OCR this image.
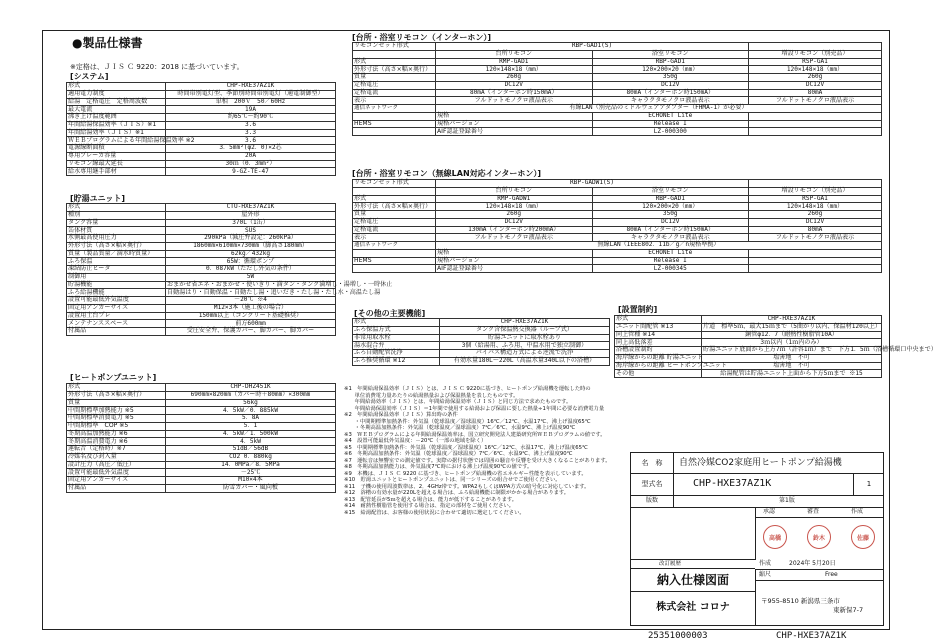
●製品仕様書
※定格は、ＪＩＳ Ｃ 9220：2018 に基づいています。
[システム]
形式	CHP-HXE37AZ1K
適用電力制度	時間帯別電灯型、季節別時間帯別電灯（通電制御型）
給湯　定格電圧　定格周波数	単相　200Ｖ　50／60Hz
最大電流	19A
沸き上げ温度範囲	約65℃～約90℃
年間給湯保温効率（ＪＩＳ）※1	3.6
年間給湯効率（ＪＩＳ）※1	3.3
ＷＥＢプログラムによる年間給湯保温効率 ※2	3.6
電源線断面積	3．5mm²(φ2．0)×2芯
専用ブレーカ容量	20A
リモコン線最大延長	30ｍ（0．3mm²）
給水専用継手部材	9-GZ-TE-47
[貯湯ユニット]
形式	CTU-HXE37AZ1K
種別	屋外形
タンク容量	370L（1缶）
缶体材質	SUS
水側最高使用圧力	290kPa（減圧弁設定：260kPa）
外形寸法（高さ×幅×奥行）	1860mm×610mm×730mm（脚高さ180mm）
質量（製品質量／満水時質量）	62kg／432kg
ふろ保温	65W：循環ポンプ
凍結防止ヒータ	0．087kW（ただし外気の条件）
制御用	5W
貯湯機能	おまかせ省エネ・おまかせ・使いきり・満タン・タンク満増し・湯増し・一時休止
ふろ給湯機能	自動湯はり・自動保温・自動たし湯・追いだき・たし湯・たし水・高温たし湯
設置可能最低外気温度	－20℃ ※4
固定用アンカーサイズ	M12×3本（施工後の場合）
設置用土台プレ	150mm以上（コンクリート基礎推奨）
メンテナンススペース	前方600mm
付属品	受圧安全弁、保護カバー、脚カバー、脚カバー
[ヒートポンプユニット]
形式	CHP-DHZ451K
外形寸法（高さ×幅×奥行）	690mm×820mm（カバー時＋80mm）×300mm
質量	56kg
中間期標準加熱能力 ※5	4．5kW／0．885kW
中間期標準消費電力 ※5	5．8A
中間期標準　COP ※5	5．1
冬期高温加熱能力 ※6	4．5kW／1．500kW
冬期高温消費電力 ※6	4．5kW
運転音（定格時）※7	51dB／56dB
冷媒名及び封入量	CO2 0．880kg
設計圧力（高圧／低圧）	14．0MPa／8．5MPa
設置可能最低外気温度	－25℃
固定用アンカーサイズ	M10×4本
付属品	防雪カバー・風向板
[台所・浴室リモコン（インターホン）]
リモコンセット形式	RBP-GAD1(S)		
	台所リモコン	浴室リモコン	増設リモコン（別売品）
形式	RMP-GAD1	RBP-GAD1	RSP-GA1
外形寸法（高さ×幅×奥行）	120×148×18（mm）	120×200×20（mm）	120×148×18（mm）
質量	260g	350g	260g
定格電圧	DC12V	DC12V	DC12V
定格電流	80mA（インターホン時150mA）	80mA（インターホン時150mA）	80mA
表示	フルドットモノクロ液晶表示	キャラクタモノクロ液晶表示	フルドットモノクロ液晶表示
通信ネットワーク	有線LAN（別売品のミドルウェアアダプター（FHMA-1）が必要）		
	規格	ECHONET Lite	
HEMS	規格バージョン	Release I	
	AIF認証登録番号	LZ-000300	
[台所・浴室リモコン（無線LAN対応インターホン）]
リモコンセット形式	RBP-GADW1(S)		
	台所リモコン	浴室リモコン	増設リモコン（別売品）
形式	RMP-GADW1	RBP-GAD1	RSP-GA1
外形寸法（高さ×幅×奥行）	120×148×18（mm）	120×200×20（mm）	120×148×18（mm）
質量	260g	350g	260g
定格電圧	DC12V	DC12V	DC12V
定格電流	130mA（インターホン時200mA）	80mA（インターホン時150mA）	80mA
表示	フルドットモノクロ液晶表示	キャラクタモノクロ液晶表示	フルドットモノクロ液晶表示
通信ネットワーク	無線LAN（IEEE802．11b／g／n規格準拠）		
	規格	ECHONET Lite	
HEMS	規格バージョン	Release I	
	AIF認証登録番号	LZ-000345	
[その他の主要機能]
形式	CHP-HXE37AZ1K
ふろ保温方式	タンク含保温熱交換器（ループ式）
非常用取水栓	貯湯ユニットに取水栓あり
湯水混合弁	3個（給湯用、ふろ用、中温水用で独立制御）
ふろ自動配管洗浄	バイパス構造方式による逆流で洗浄
ふろ推奨循環 ※12	有効水量180L～220L（高温水量340L以下の浴槽）
[設置制約]
形式	CHP-HXE37AZ1K
ユニット間配管 ※13	片道　標準5ｍ、最大15ｍまで（5曲がり以内、保温材120以上）
同上管種 ※14	銅管φ12．7（耐熱性樹脂管10A）
同上高低落差	3ｍ以内（1ｍ内のみ）
浴槽設置制約	貯湯ユニット底面から上方7ｍ（許容1ｍ）まで　下方1．5ｍ（浴槽循環口中央まで）
海岸線からの距離 貯湯ユニット	塩害地　不可
海岸線からの距離 ヒートポンプユニット	塩害地　不可
その他	給湯配管は貯湯ユニット上面から下方5ｍまで ※15
※1　年間給湯保温効率（ＪＩＳ）とは、ＪＩＳ Ｃ 9220に基づき、ヒートポンプ給湯機を運転した時の
　　単位消費電力量あたりの給湯熱量および保温熱量を表したものです。
　　年間給湯効率（ＪＩＳ）とは、年間給湯保温効率（ＪＩＳ）と同じ方法で求めたものです。
　　年間給湯保温効率（ＪＩＳ）＝1年間で使用する給湯および保温に要した熱量÷1年間に必要な消費電力量
※2　年間給湯保温効率（ＪＩＳ）算出時の条件
　　・中間期標準加熱条件：外気温（乾球温度／湿球温度）16℃／12℃、水温17℃、沸上げ温度65℃
　　・冬期高温加熱条件：外気温（乾球温度／湿球温度）7℃／6℃、水温9℃、沸上げ温度90℃
※3　ＷＥＢプログラムによる年間給湯保温効率は、国立研究開発法人建築研究所ＷＥＢプログラムの値です。
※4　設置可能最低外気温度：－20℃（一部の地域を除く）
※5　中間期標準加熱条件：外気温（乾球温度／湿球温度）16℃／12℃、水温17℃、沸上げ温度65℃
※6　冬期高温加熱条件：外気温（乾球温度／湿球温度）7℃／6℃、水温9℃、沸上げ温度90℃
※7　運転音は無響室での測定値です。実際の据付状態では周囲の騒音や反響を受け大きくなることがあります。
※8　冬期高温加熱能力は、外気温度7℃時における沸上げ温度90℃の値です。
※9　本機は、ＪＩＳ Ｃ 9220 に基づき、ヒートポンプ給湯機の省エネルギー性能を表示しています。
※10　貯湯ユニットとヒートポンプユニットは、同一シリーズの組合せでご使用ください。
※11　子機の使用周波数帯は、2．4GHz帯です。WPA2もしくはWPA方式の暗号化に対応しています。
※12　浴槽の有効水量が220Lを超える場合は、ふろ給湯機能に制限がかかる場合があります。
※13　配管延長が5ｍを超える場合は、能力が低下することがあります。
※14　耐熱性樹脂管を使用する場合は、指定の部材をご使用ください。
※15　給湯配管は、お客様の使用状況に合わせて適切に選定してください。
名　称	自然冷媒CO2家庭用ヒートポンプ給湯機
型式名	CHP-HXE37AZ1K	1
版数	第1版
承認	審査	作成
高橋	鈴木	佐藤
改訂履歴	作成	2024年 5月20日
納入仕様図面	縮尺	Free
株式会社 コロナ
〒955-8510 新潟県三条市
東新保7-7
25351000003	CHP-HXE37AZ1K
